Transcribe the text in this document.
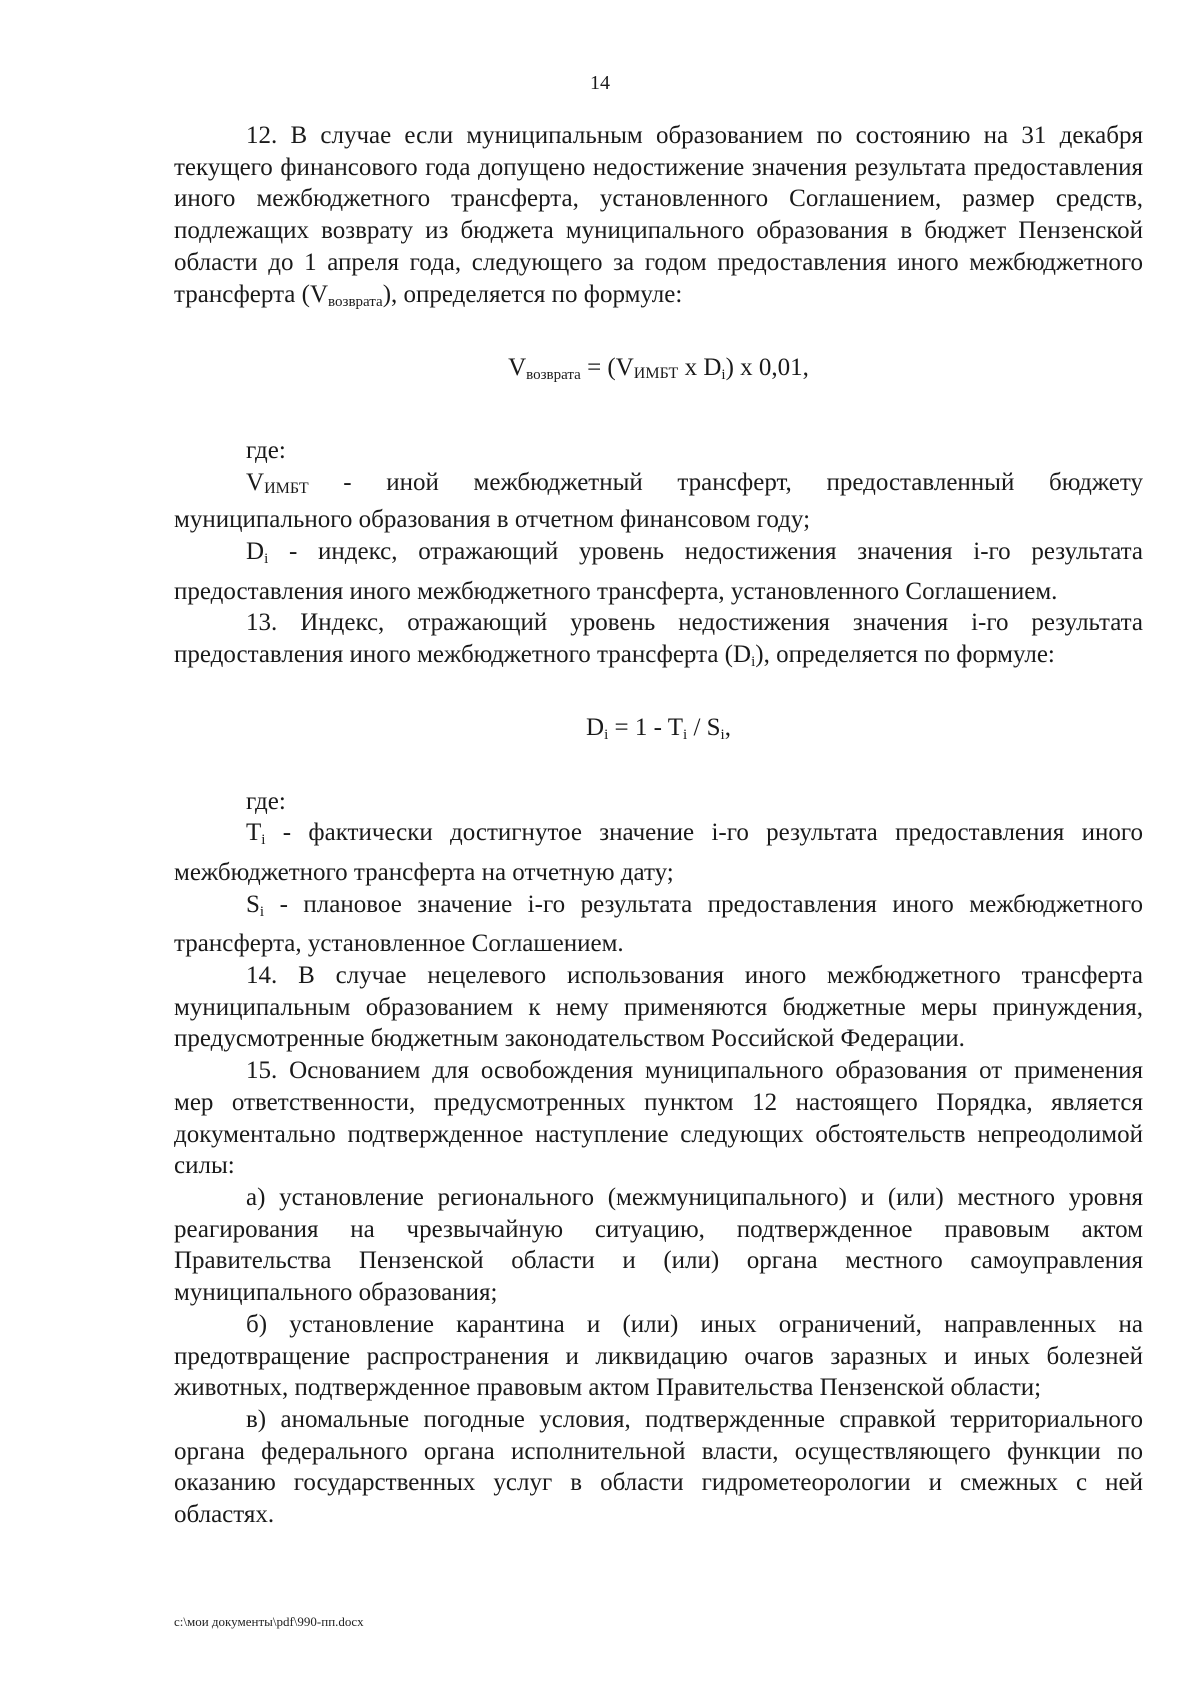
14

12. В случае если муниципальным образованием по состоянию на 31 декабря текущего финансового года допущено недостижение значения результата предоставления иного межбюджетного трансферта, установленного Соглашением, размер средств, подлежащих возврату из бюджета муниципального образования в бюджет Пензенской области до 1 апреля года, следующего за годом предоставления иного межбюджетного трансферта $(V_{возврата})$, определяется по формуле:

$V_{возврата} = (V_{ИМБТ}$ x $D_i$) x 0,01,

где:

$V_{ИМБТ}$ - иной межбюджетный трансферт, предоставленный бюджету муниципального образования в отчетном финансовом году;

$D_i$ - индекс, отражающий уровень недостижения значения i-го результата предоставления иного межбюджетного трансферта, установленного Соглашением.

13. Индекс, отражающий уровень недостижения значения i-го результата предоставления иного межбюджетного трансферта $(D_i)$, определяется по формуле:

$D_i = 1 - T_i / S_i$,

где:

$T_i$ - фактически достигнутое значение i-го результата предоставления иного межбюджетного трансферта на отчетную дату;

$S_i$ - плановое значение i-го результата предоставления иного межбюджетного трансферта, установленное Соглашением.

14. В случае нецелевого использования иного межбюджетного трансферта муниципальным образованием к нему применяются бюджетные меры принуждения, предусмотренные бюджетным законодательством Российской Федерации.

15. Основанием для освобождения муниципального образования от применения мер ответственности, предусмотренных пунктом 12 настоящего Порядка, является документально подтвержденное наступление следующих обстоятельств непреодолимой силы:

а) установление регионального (межмуниципального) и (или) местного уровня реагирования на чрезвычайную ситуацию, подтвержденное правовым актом Правительства Пензенской области и (или) органа местного самоуправления муниципального образования;

б) установление карантина и (или) иных ограничений, направленных на предотвращение распространения и ликвидацию очагов заразных и иных болезней животных, подтвержденное правовым актом Правительства Пензенской области;

в) аномальные погодные условия, подтвержденные справкой территориального органа федерального органа исполнительной власти, осуществляющего функции по оказанию государственных услуг в области гидрометеорологии и смежных с ней областях.

c:\мои документы\pdf\990-пп.docx
